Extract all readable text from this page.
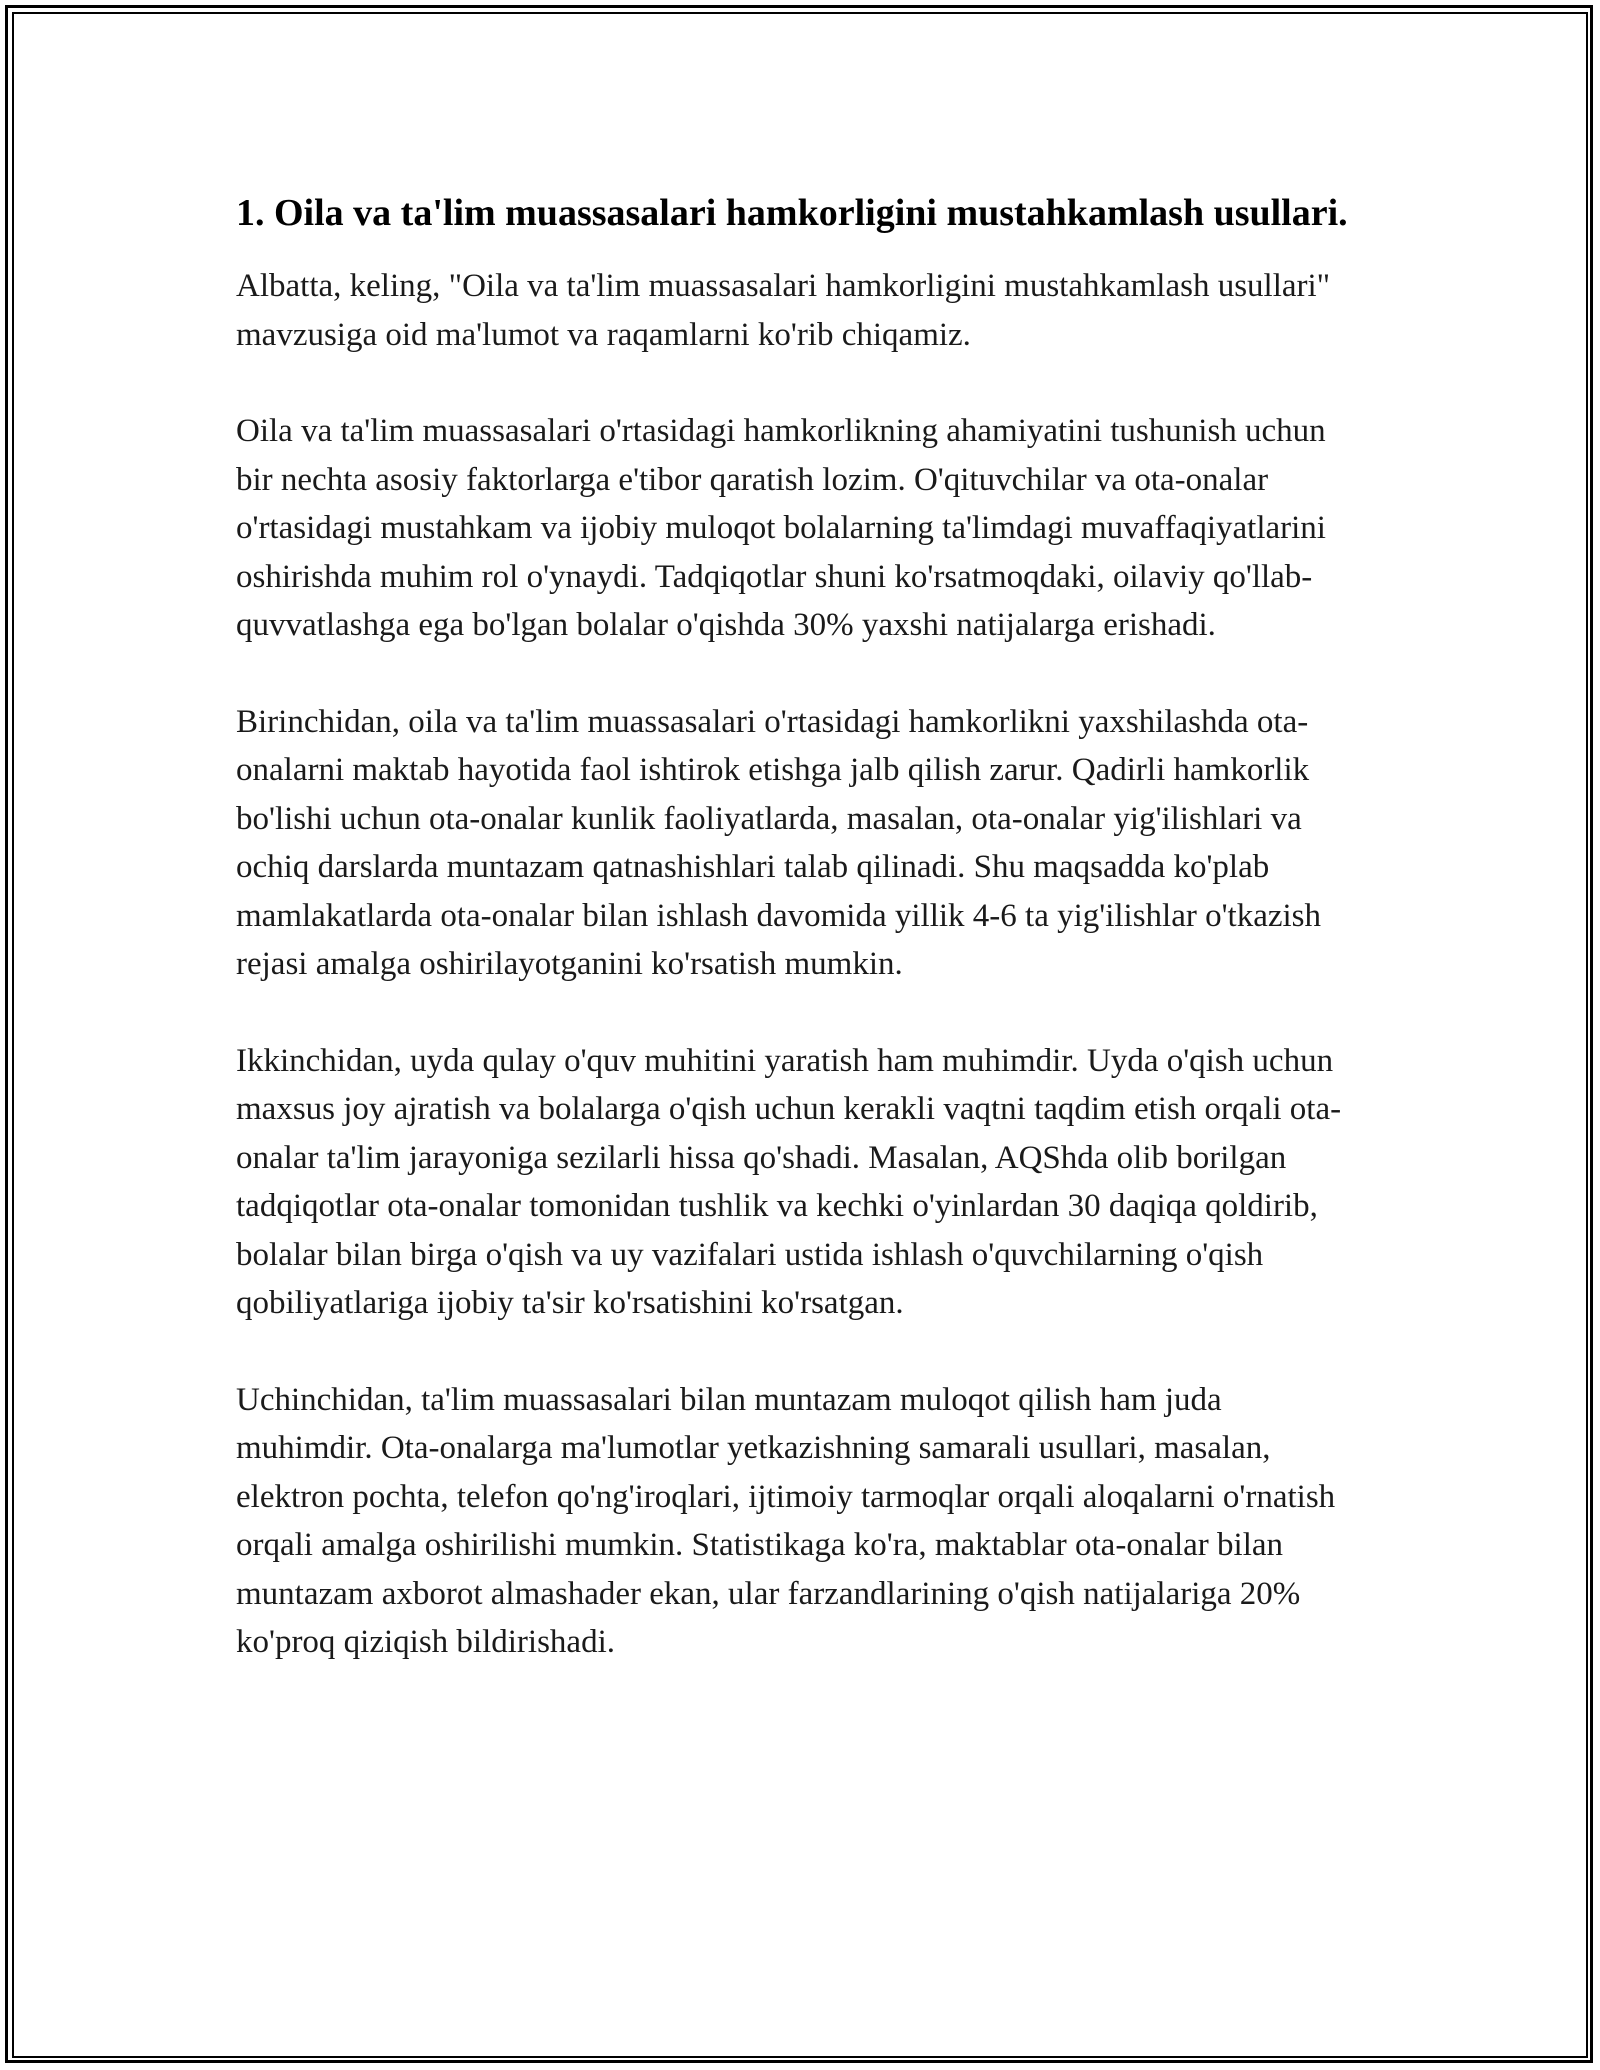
1. Oila va ta'lim muassasalari hamkorligini mustahkamlash usullari.

Albatta, keling, "Oila va ta'lim muassasalari hamkorligini mustahkamlash usullari" mavzusiga oid ma'lumot va raqamlarni ko'rib chiqamiz.

Oila va ta'lim muassasalari o'rtasidagi hamkorlikning ahamiyatini tushunish uchun bir nechta asosiy faktorlarga e'tibor qaratish lozim. O'qituvchilar va ota-onalar o'rtasidagi mustahkam va ijobiy muloqot bolalarning ta'limdagi muvaffaqiyatlarini oshirishda muhim rol o'ynaydi. Tadqiqotlar shuni ko'rsatmoqdaki, oilaviy qo'llab-quvvatlashga ega bo'lgan bolalar o'qishda 30% yaxshi natijalarga erishadi.

Birinchidan, oila va ta'lim muassasalari o'rtasidagi hamkorlikni yaxshilashda ota-onalarni maktab hayotida faol ishtirok etishga jalb qilish zarur. Qadirli hamkorlik bo'lishi uchun ota-onalar kunlik faoliyatlarda, masalan, ota-onalar yig'ilishlari va ochiq darslarda muntazam qatnashishlari talab qilinadi. Shu maqsadda ko'plab mamlakatlarda ota-onalar bilan ishlash davomida yillik 4-6 ta yig'ilishlar o'tkazish rejasi amalga oshirilayotganini ko'rsatish mumkin.

Ikkinchidan, uyda qulay o'quv muhitini yaratish ham muhimdir. Uyda o'qish uchun maxsus joy ajratish va bolalarga o'qish uchun kerakli vaqtni taqdim etish orqali ota-onalar ta'lim jarayoniga sezilarli hissa qo'shadi. Masalan, AQShda olib borilgan tadqiqotlar ota-onalar tomonidan tushlik va kechki o'yinlardan 30 daqiqa qoldirib, bolalar bilan birga o'qish va uy vazifalari ustida ishlash o'quvchilarning o'qish qobiliyatlariga ijobiy ta'sir ko'rsatishini ko'rsatgan.

Uchinchidan, ta'lim muassasalari bilan muntazam muloqot qilish ham juda muhimdir. Ota-onalarga ma'lumotlar yetkazishning samarali usullari, masalan, elektron pochta, telefon qo'ng'iroqlari, ijtimoiy tarmoqlar orqali aloqalarni o'rnatish orqali amalga oshirilishi mumkin. Statistikaga ko'ra, maktablar ota-onalar bilan muntazam axborot almashader ekan, ular farzandlarining o'qish natijalariga 20% ko'proq qiziqish bildirishadi.
